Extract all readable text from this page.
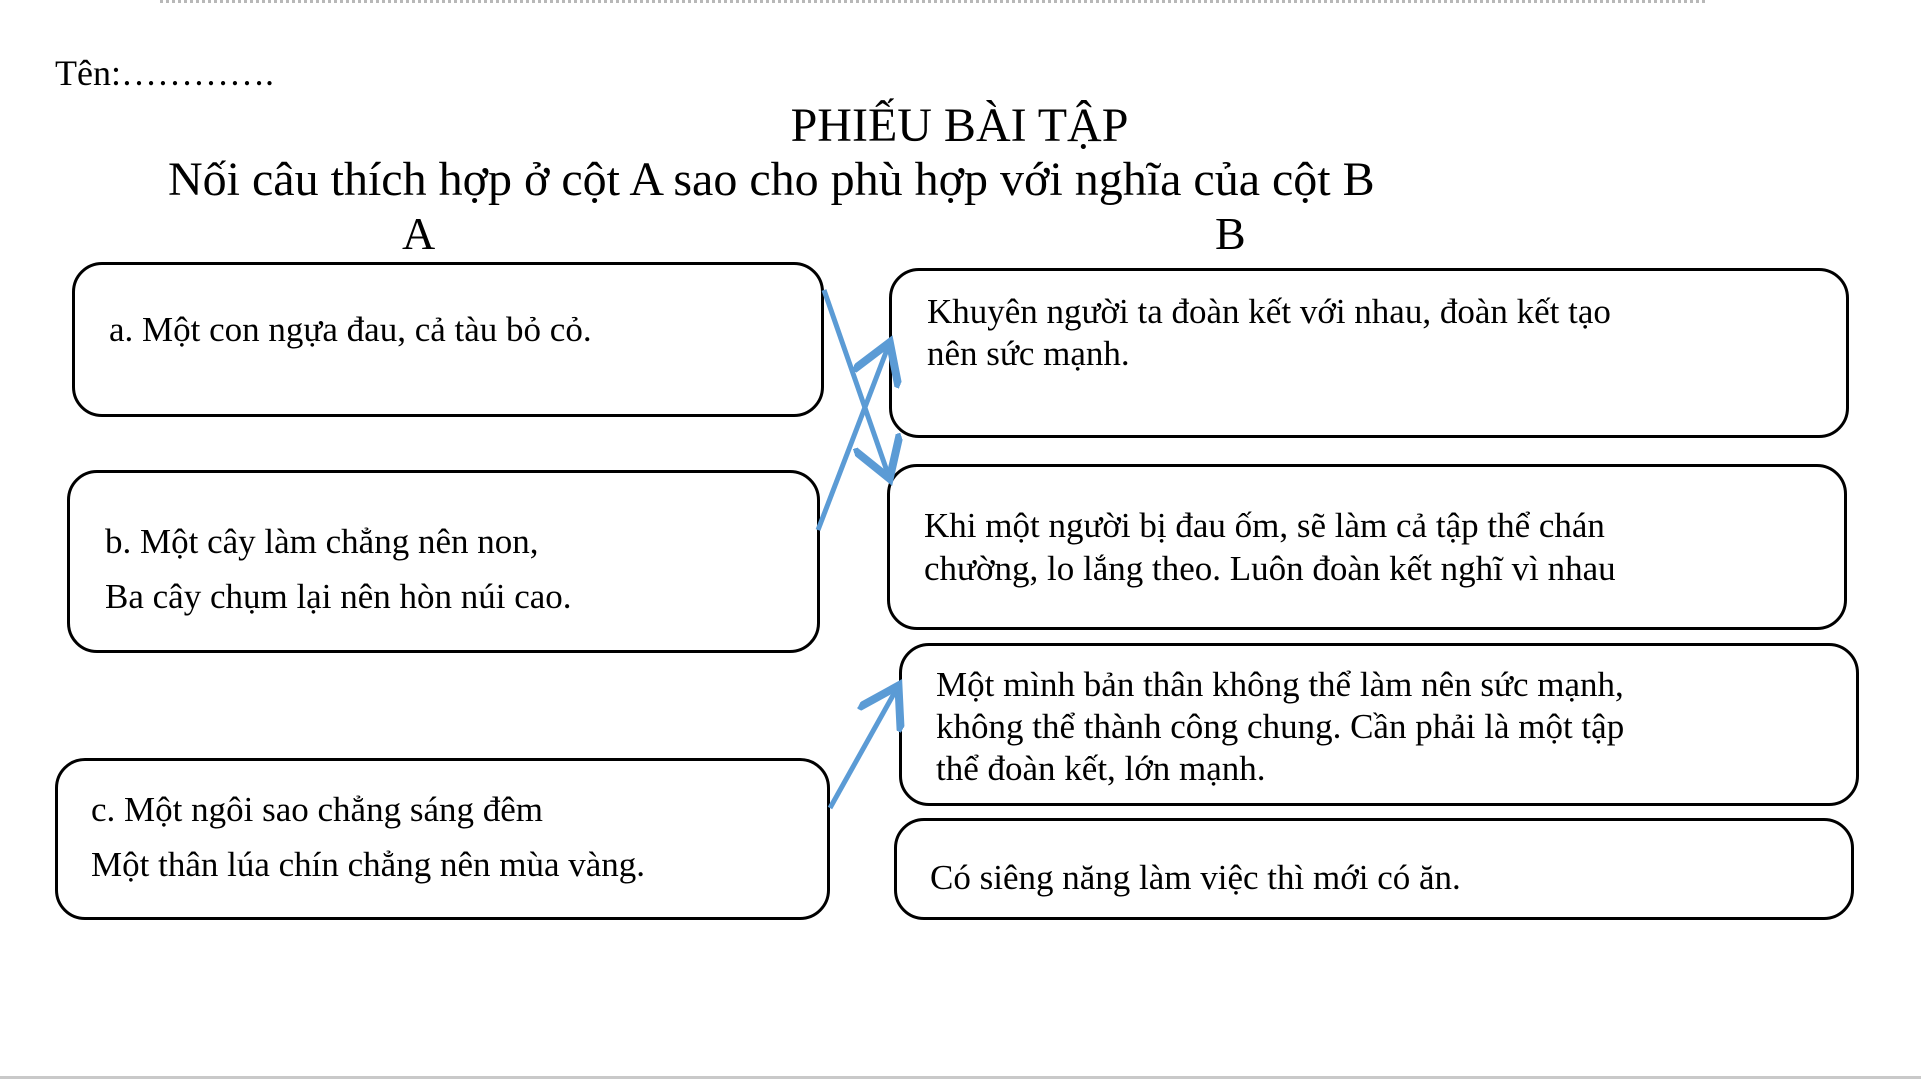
Tên:………….
PHIẾU BÀI TẬP
Nối câu thích hợp ở cột A sao cho phù hợp với nghĩa của cột B
A	B
a. Một con ngựa đau, cả tàu bỏ cỏ.
b. Một cây làm chẳng nên non,
Ba cây chụm lại nên hòn núi cao.
c. Một ngôi sao chẳng sáng đêm
Một thân lúa chín chẳng nên mùa vàng.
Khuyên người ta đoàn kết với nhau, đoàn kết tạo
nên sức mạnh.
Khi một người bị đau ốm, sẽ làm cả tập thể chán
chường, lo lắng theo. Luôn đoàn kết nghĩ vì nhau
Một mình bản thân không thể làm nên sức mạnh,
không thể thành công chung. Cần phải là một tập
thể đoàn kết, lớn mạnh.
Có siêng năng làm việc thì mới có ăn.
